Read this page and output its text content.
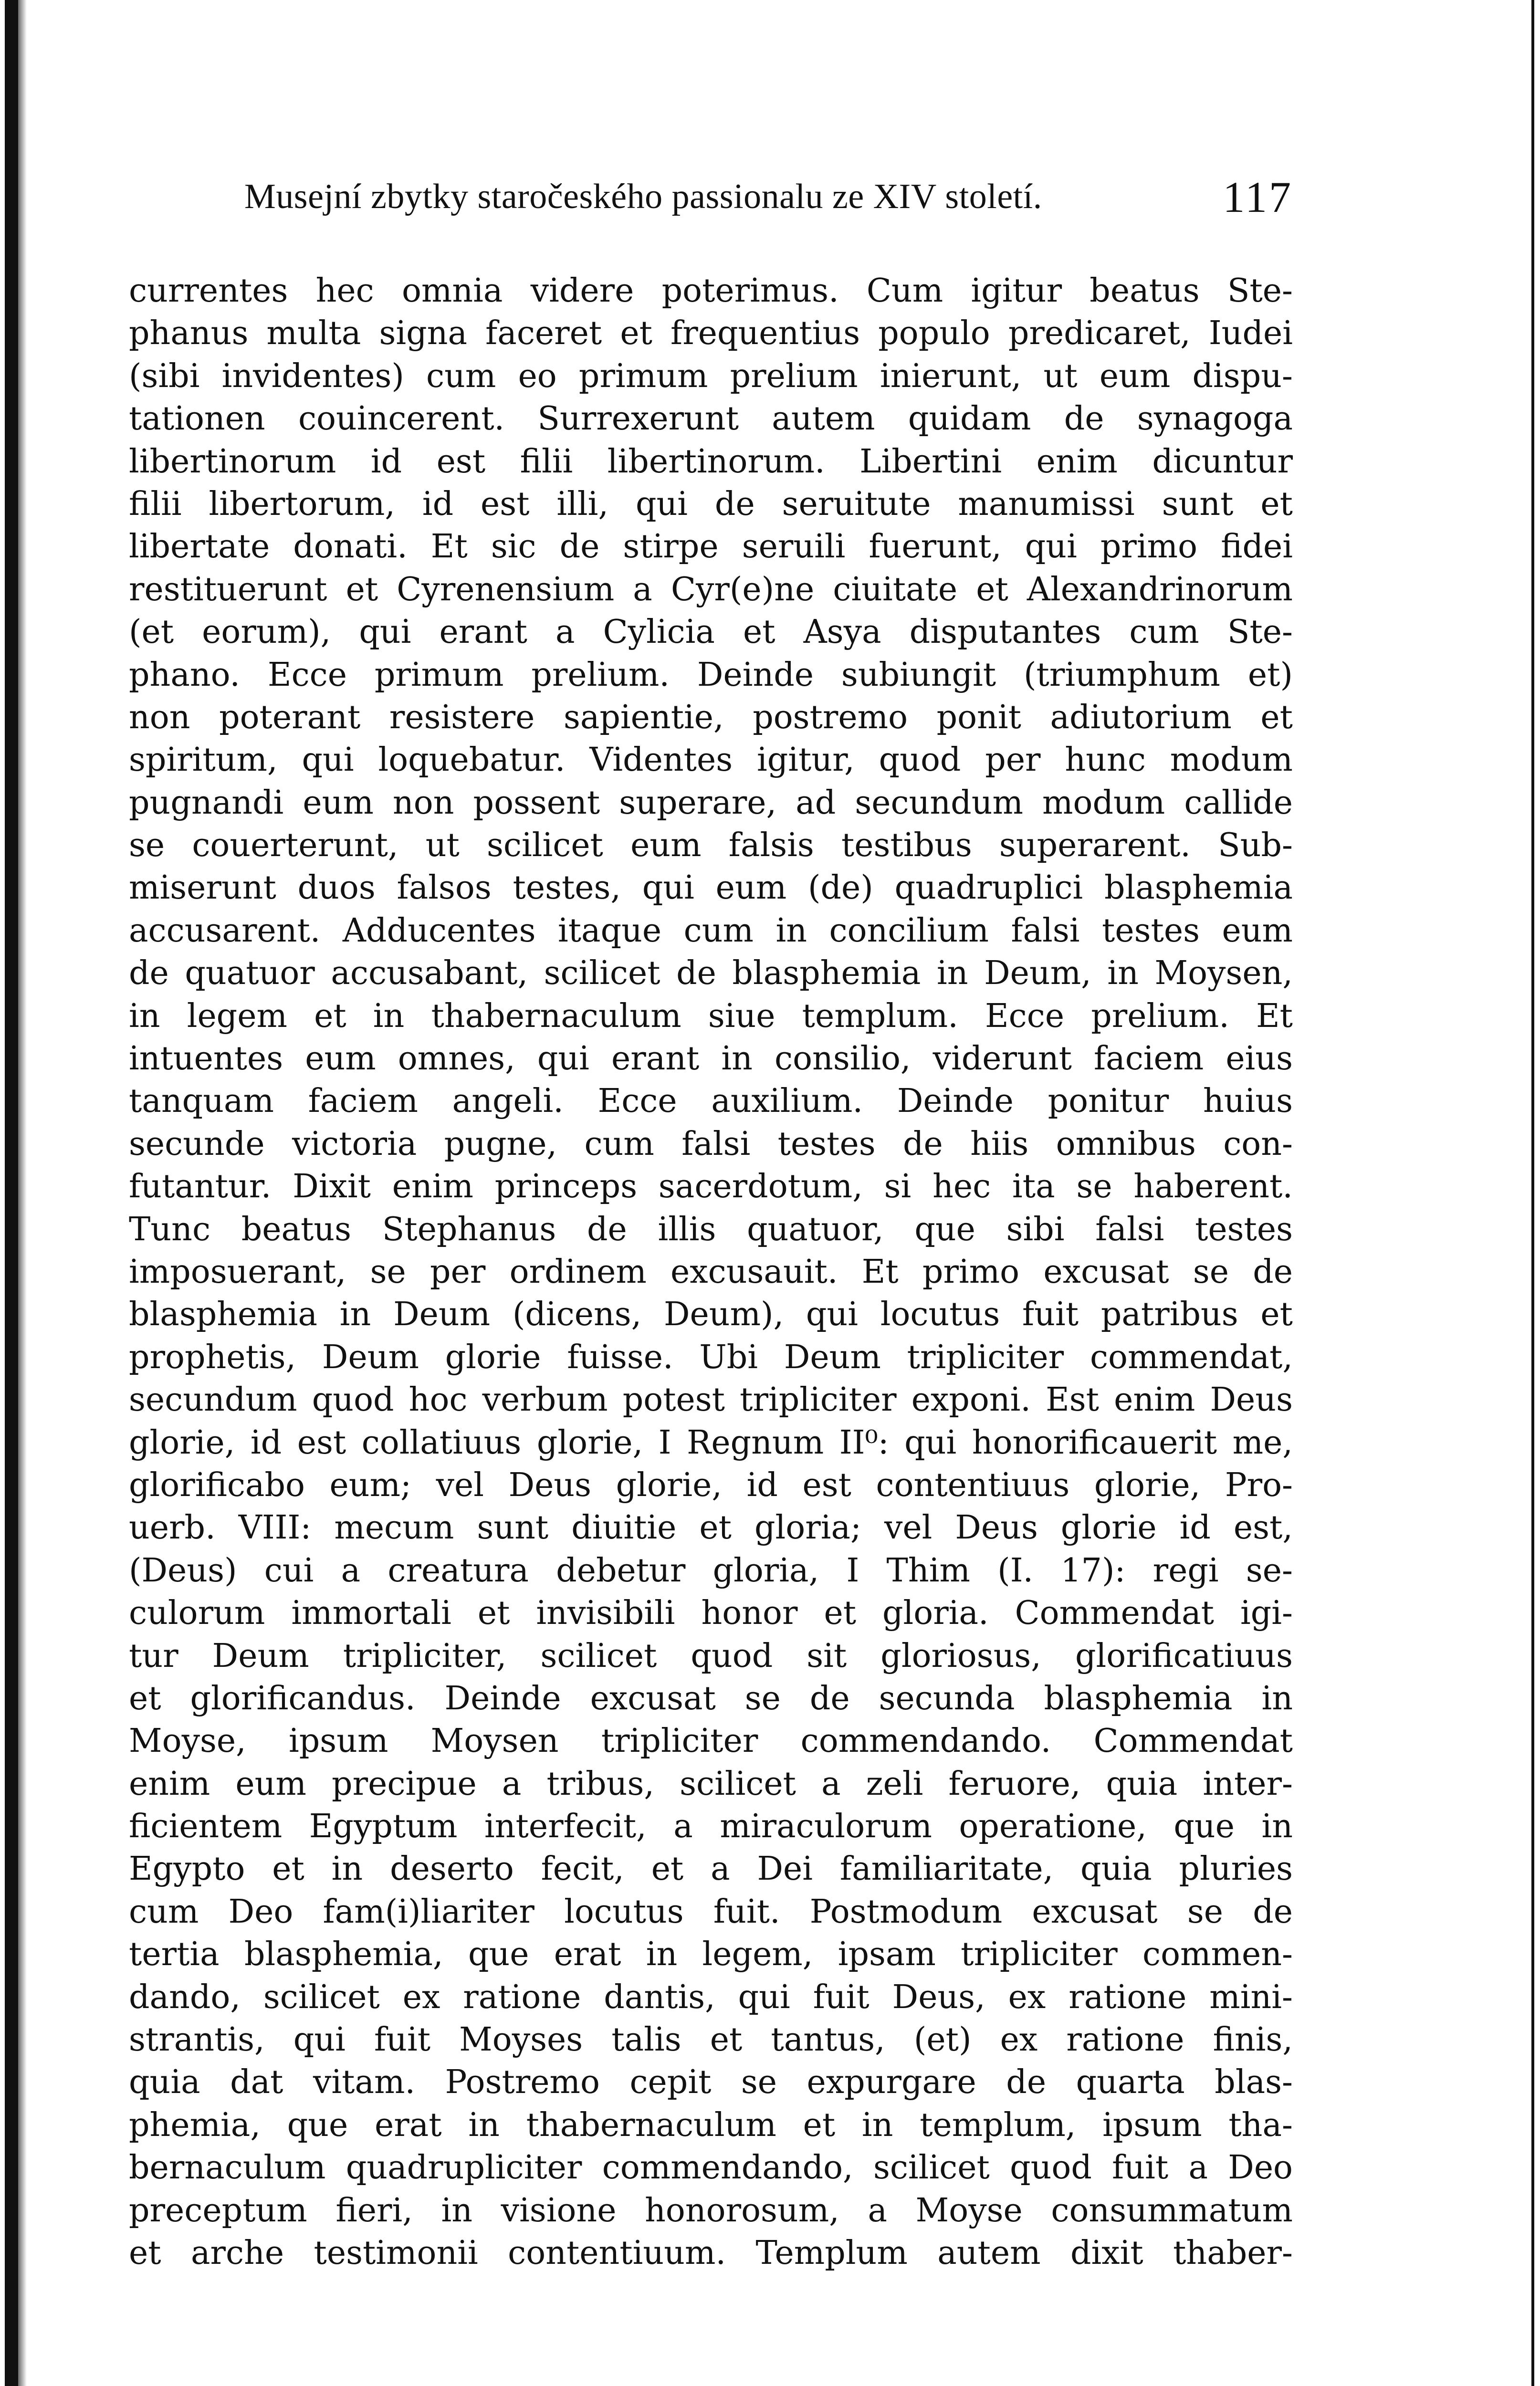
Musejní zbytky staročeského passionalu ze XIV století.	117
currentes hec omnia videre poterimus. Cum igitur beatus Ste-
phanus multa signa faceret et frequentius populo predicaret, Iudei
(sibi invidentes) cum eo primum prelium inierunt, ut eum dispu-
tationen couincerent. Surrexerunt autem quidam de synagoga
libertinorum id est filii libertinorum. Libertini enim dicuntur
filii libertorum, id est illi, qui de seruitute manumissi sunt et
libertate donati. Et sic de stirpe seruili fuerunt, qui primo fidei
restituerunt et Cyrenensium a Cyr(e)ne ciuitate et Alexandrinorum
(et eorum), qui erant a Cylicia et Asya disputantes cum Ste-
phano. Ecce primum prelium. Deinde subiungit (triumphum et)
non poterant resistere sapientie, postremo ponit adiutorium et
spiritum, qui loquebatur. Videntes igitur, quod per hunc modum
pugnandi eum non possent superare, ad secundum modum callide
se couerterunt, ut scilicet eum falsis testibus superarent. Sub-
miserunt duos falsos testes, qui eum (de) quadruplici blasphemia
accusarent. Adducentes itaque cum in concilium falsi testes eum
de quatuor accusabant, scilicet de blasphemia in Deum, in Moysen,
in legem et in thabernaculum siue templum. Ecce prelium. Et
intuentes eum omnes, qui erant in consilio, viderunt faciem eius
tanquam faciem angeli. Ecce auxilium. Deinde ponitur huius
secunde victoria pugne, cum falsi testes de hiis omnibus con-
futantur. Dixit enim princeps sacerdotum, si hec ita se haberent.
Tunc beatus Stephanus de illis quatuor, que sibi falsi testes
imposuerant, se per ordinem excusauit. Et primo excusat se de
blasphemia in Deum (dicens, Deum), qui locutus fuit patribus et
prophetis, Deum glorie fuisse. Ubi Deum tripliciter commendat,
secundum quod hoc verbum potest tripliciter exponi. Est enim Deus
glorie, id est collatiuus glorie, I Regnum II⁰: qui honorificauerit me,
glorificabo eum; vel Deus glorie, id est contentiuus glorie, Pro-
uerb. VIII: mecum sunt diuitie et gloria; vel Deus glorie id est,
(Deus) cui a creatura debetur gloria, I Thim (I. 17): regi se-
culorum immortali et invisibili honor et gloria. Commendat igi-
tur Deum tripliciter, scilicet quod sit gloriosus, glorificatiuus
et glorificandus. Deinde excusat se de secunda blasphemia in
Moyse, ipsum Moysen tripliciter commendando. Commendat
enim eum precipue a tribus, scilicet a zeli feruore, quia inter-
ficientem Egyptum interfecit, a miraculorum operatione, que in
Egypto et in deserto fecit, et a Dei familiaritate, quia pluries
cum Deo fam(i)liariter locutus fuit. Postmodum excusat se de
tertia blasphemia, que erat in legem, ipsam tripliciter commen-
dando, scilicet ex ratione dantis, qui fuit Deus, ex ratione mini-
strantis, qui fuit Moyses talis et tantus, (et) ex ratione finis,
quia dat vitam. Postremo cepit se expurgare de quarta blas-
phemia, que erat in thabernaculum et in templum, ipsum tha-
bernaculum quadrupliciter commendando, scilicet quod fuit a Deo
preceptum fieri, in visione honorosum, a Moyse consummatum
et arche testimonii contentiuum. Templum autem dixit thaber-
